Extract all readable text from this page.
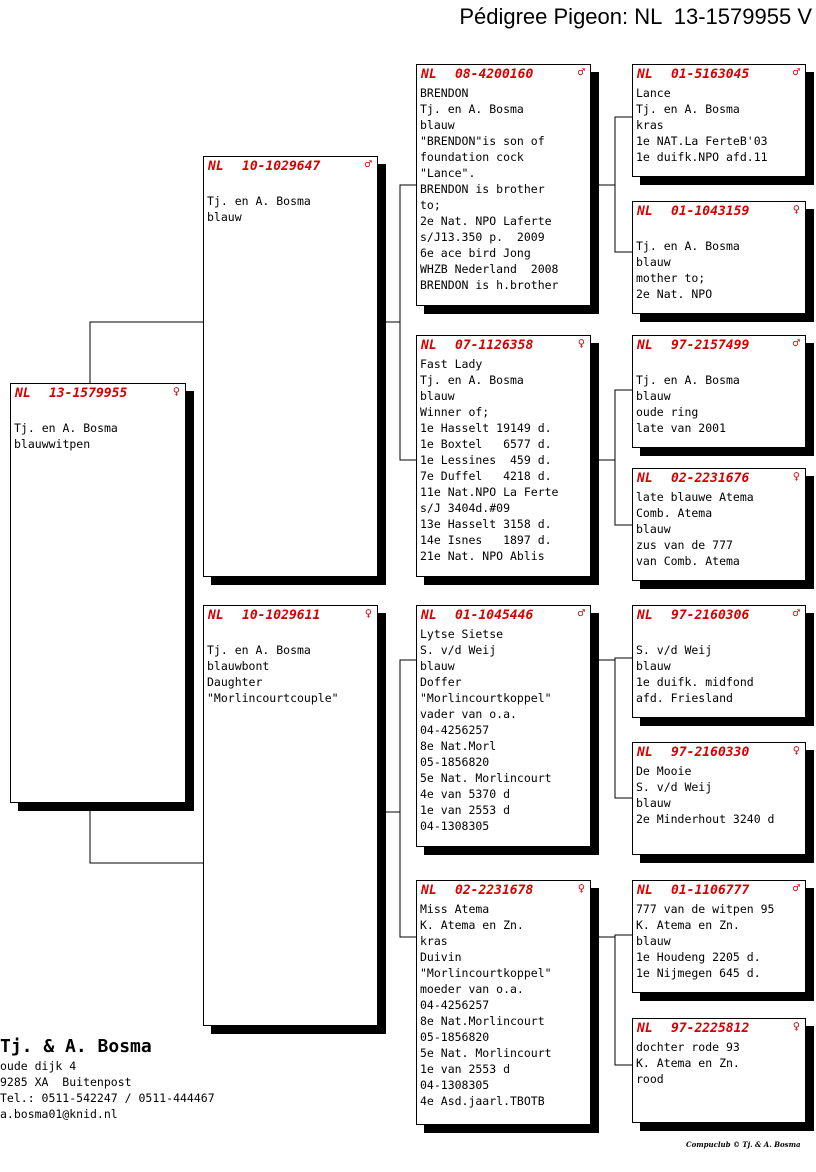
Pédigree Pigeon: NL  13-1579955 V
NL 13-1579955	♀
Tj. en A. Bosma
blauwwitpen
NL 10-1029647	♂
Tj. en A. Bosma
blauw
NL 10-1029611	♀
Tj. en A. Bosma
blauwbont
Daughter
"Morlincourtcouple"
NL 08-4200160	♂
BRENDON
Tj. en A. Bosma
blauw
"BRENDON"is son of
foundation cock
"Lance".
BRENDON is brother
to;
2e Nat. NPO Laferte
s/J13.350 p.  2009
6e ace bird Jong
WHZB Nederland  2008
BRENDON is h.brother
NL 07-1126358	♀
Fast Lady
Tj. en A. Bosma
blauw
Winner of;
1e Hasselt 19149 d.
1e Boxtel   6577 d.
1e Lessines  459 d.
7e Duffel   4218 d.
11e Nat.NPO La Ferte
s/J 3404d.#09
13e Hasselt 3158 d.
14e Isnes   1897 d.
21e Nat. NPO Ablis
NL 01-1045446	♂
Lytse Sietse
S. v/d Weij
blauw
Doffer
"Morlincourtkoppel"
vader van o.a.
04-4256257
8e Nat.Morl
05-1856820
5e Nat. Morlincourt
4e van 5370 d
1e van 2553 d
04-1308305
NL 02-2231678	♀
Miss Atema
K. Atema en Zn.
kras
Duivin
"Morlincourtkoppel"
moeder van o.a.
04-4256257
8e Nat.Morlincourt
05-1856820
5e Nat. Morlincourt
1e van 2553 d
04-1308305
4e Asd.jaarl.TBOTB
NL 01-5163045	♂
Lance
Tj. en A. Bosma
kras
1e NAT.La FerteB'03
1e duifk.NPO afd.11
NL 01-1043159	♀
Tj. en A. Bosma
blauw
mother to;
2e Nat. NPO
NL 97-2157499	♂
Tj. en A. Bosma
blauw
oude ring
late van 2001
NL 02-2231676	♀
late blauwe Atema
Comb. Atema
blauw
zus van de 777
van Comb. Atema
NL 97-2160306	♂
S. v/d Weij
blauw
1e duifk. midfond
afd. Friesland
NL 97-2160330	♀
De Mooie
S. v/d Weij
blauw
2e Minderhout 3240 d
NL 01-1106777	♂
777 van de witpen 95
K. Atema en Zn.
blauw
1e Houdeng 2205 d.
1e Nijmegen 645 d.
NL 97-2225812	♀
dochter rode 93
K. Atema en Zn.
rood
Tj. & A. Bosma
oude dijk 4
9285 XA  Buitenpost
Tel.: 0511-542247 / 0511-444467
a.bosma01@knid.nl
Compuclub © Tj. & A. Bosma
